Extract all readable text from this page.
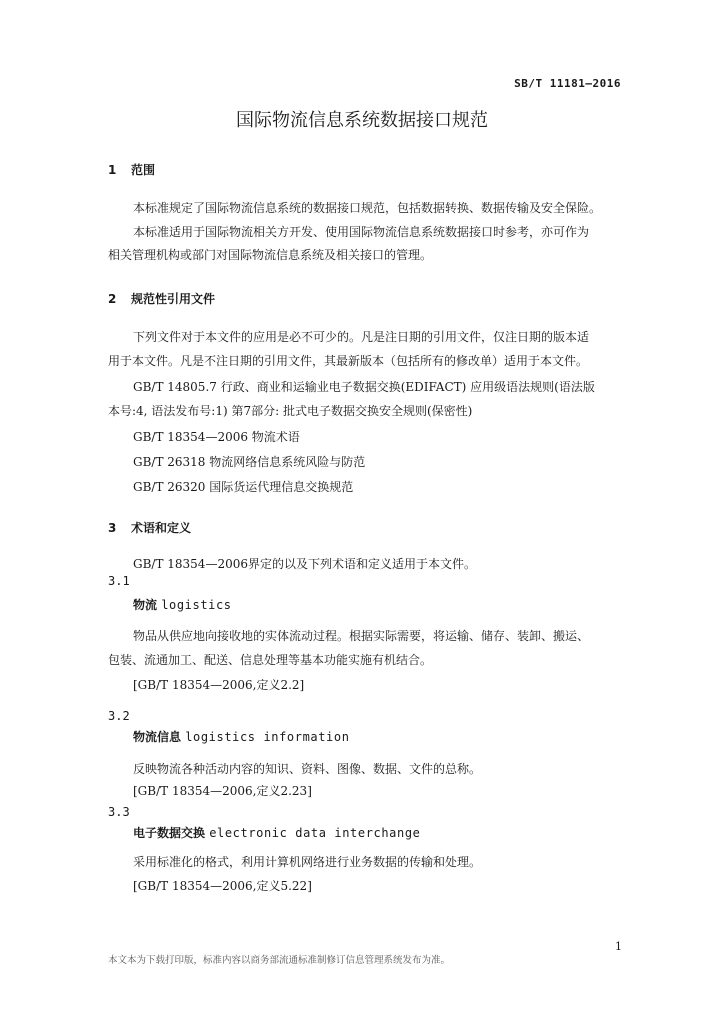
SB/T 11181—2016
国际物流信息系统数据接口规范
1 范围
本标准规定了国际物流信息系统的数据接口规范，包括数据转换、数据传输及安全保险。
本标准适用于国际物流相关方开发、使用国际物流信息系统数据接口时参考，亦可作为
相关管理机构或部门对国际物流信息系统及相关接口的管理。
2 规范性引用文件
下列文件对于本文件的应用是必不可少的。凡是注日期的引用文件，仅注日期的版本适
用于本文件。凡是不注日期的引用文件，其最新版本（包括所有的修改单）适用于本文件。
GB/T 14805.7 行政、商业和运输业电子数据交换(EDIFACT) 应用级语法规则(语法版
本号:4, 语法发布号:1) 第7部分: 批式电子数据交换安全规则(保密性)
GB/T 18354—2006 物流术语
GB/T 26318 物流网络信息系统风险与防范
GB/T 26320 国际货运代理信息交换规范
3 术语和定义
GB/T 18354—2006界定的以及下列术语和定义适用于本文件。
3.1
物流 logistics
物品从供应地向接收地的实体流动过程。根据实际需要，将运输、储存、装卸、搬运、
包装、流通加工、配送、信息处理等基本功能实施有机结合。
[GB/T 18354—2006,定义2.2]
3.2
物流信息 logistics information
反映物流各种活动内容的知识、资料、图像、数据、文件的总称。
[GB/T 18354—2006,定义2.23]
3.3
电子数据交换 electronic data interchange
采用标准化的格式，利用计算机网络进行业务数据的传输和处理。
[GB/T 18354—2006,定义5.22]
1
本文本为下载打印版，标准内容以商务部流通标准制修订信息管理系统发布为准。
